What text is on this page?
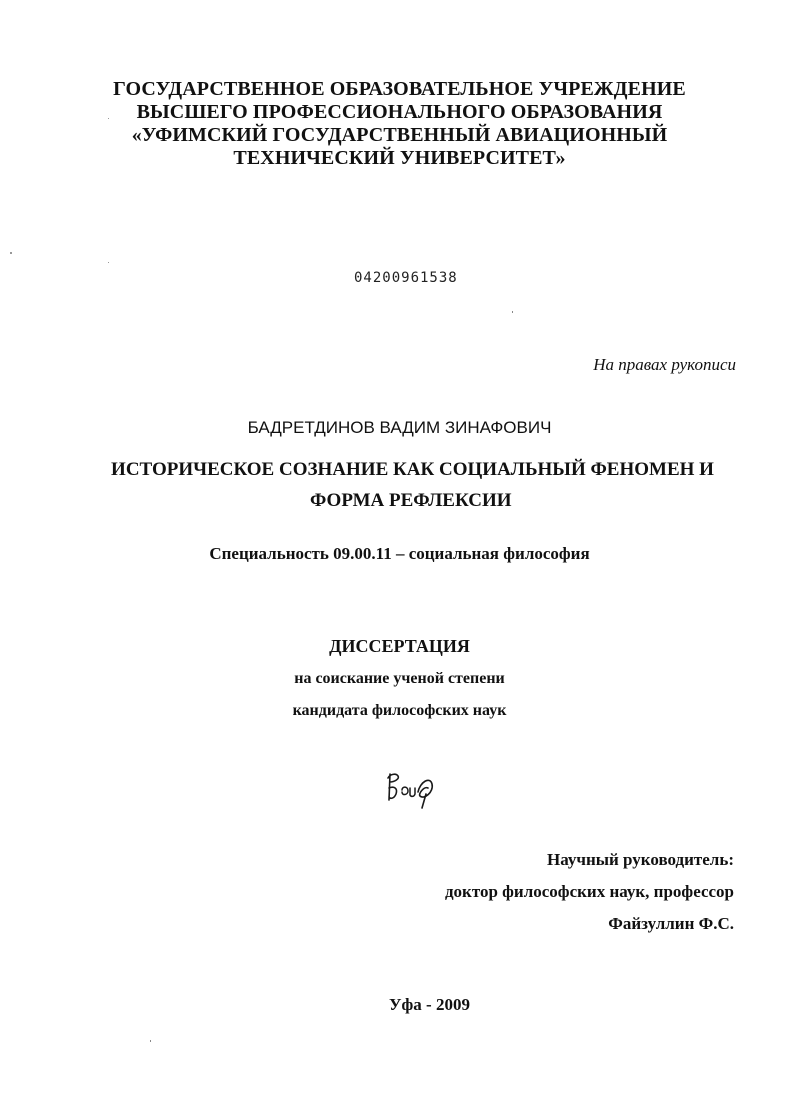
ГОСУДАРСТВЕННОЕ ОБРАЗОВАТЕЛЬНОЕ УЧРЕЖДЕНИЕ
ВЫСШЕГО ПРОФЕССИОНАЛЬНОГО ОБРАЗОВАНИЯ
«УФИМСКИЙ ГОСУДАРСТВЕННЫЙ АВИАЦИОННЫЙ
ТЕХНИЧЕСКИЙ УНИВЕРСИТЕТ»
04200961538
На правах рукописи
БАДРЕТДИНОВ ВАДИМ ЗИНАФОВИЧ
ИСТОРИЧЕСКОЕ СОЗНАНИЕ КАК СОЦИАЛЬНЫЙ ФЕНОМЕН И
ФОРМА РЕФЛЕКСИИ
Специальность 09.00.11 – социальная философия
ДИССЕРТАЦИЯ
на соискание ученой степени
кандидата философских наук
Научный руководитель:
доктор философских наук, профессор
Файзуллин Ф.С.
Уфа - 2009
